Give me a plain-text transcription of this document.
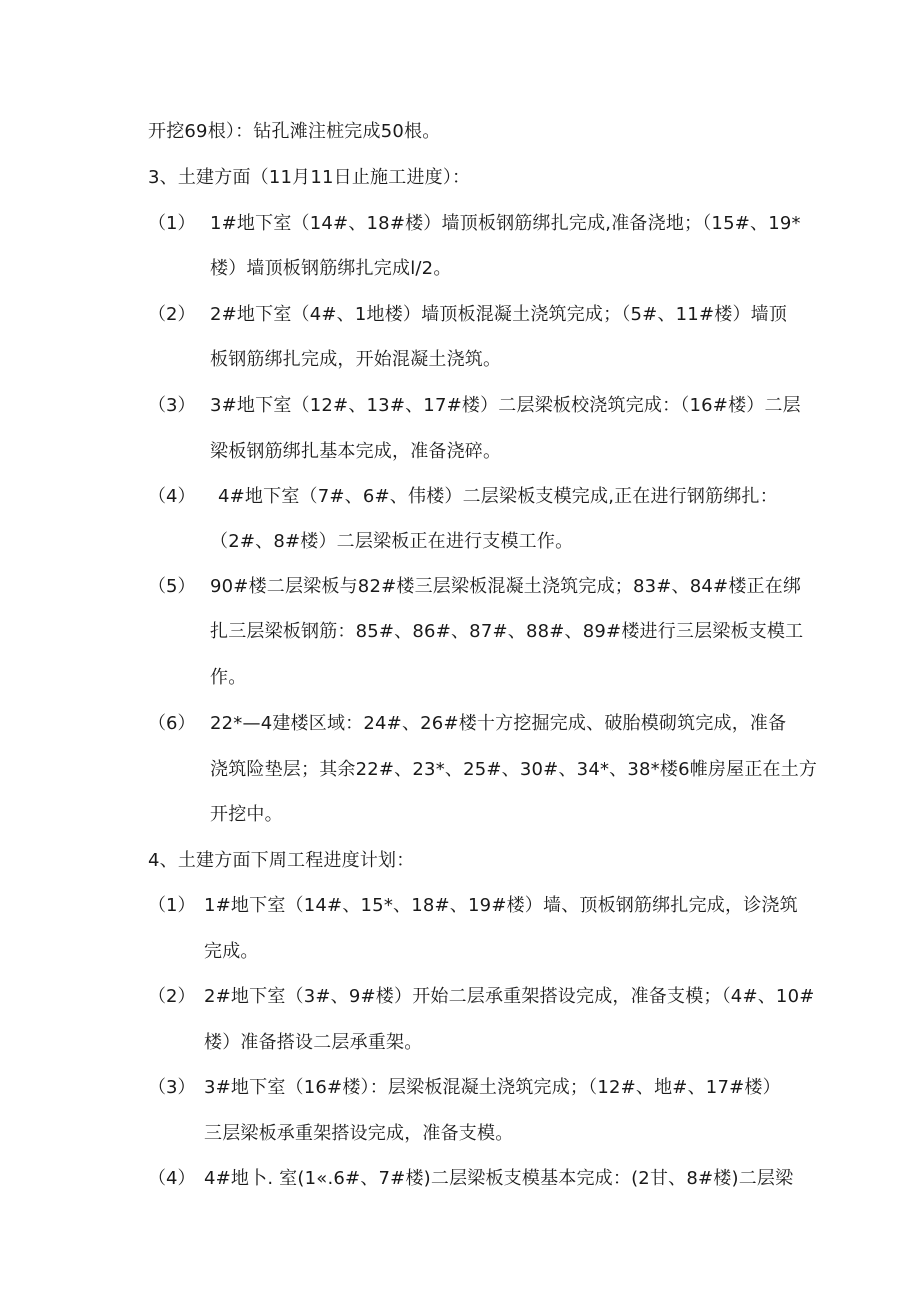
开挖69根）：钻孔滩注桩完成50根。
3、土建方面（11月11日止施工进度）：
（1） 1#地下室（14#、18#楼）墙顶板钢筋绑扎完成,准备浇地；（15#、19*
楼）墙顶板钢筋绑扎完成l/2。
（2） 2#地下室（4#、1地楼）墙顶板混凝土浇筑完成；（5#、11#楼）墙顶
板钢筋绑扎完成，开始混凝土浇筑。
（3） 3#地下室（12#、13#、17#楼）二层梁板校浇筑完成：（16#楼）二层
梁板钢筋绑扎基本完成，准备浇碎。
（4） 4#地下室（7#、6#、伟楼）二层梁板支模完成,正在进行钢筋绑扎：
（2#、8#楼）二层梁板正在进行支模工作。
（5） 90#楼二层梁板与82#楼三层梁板混凝土浇筑完成；83#、84#楼正在绑
扎三层梁板钢筋：85#、86#、87#、88#、89#楼进行三层梁板支模工
作。
（6） 22*—4建楼区域：24#、26#楼十方挖掘完成、破胎模砌筑完成，准备
浇筑险垫层；其余22#、23*、25#、30#、34*、38*楼6帷房屋正在土方
开挖中。
4、土建方面下周工程进度计划：
（1） 1#地下室（14#、15*、18#、19#楼）墙、顶板钢筋绑扎完成，诊浇筑
完成。
（2） 2#地下室（3#、9#楼）开始二层承重架搭设完成，准备支模；（4#、10#
楼）准备搭设二层承重架。
（3） 3#地下室（16#楼）：层梁板混凝土浇筑完成；（12#、地#、17#楼）
三层梁板承重架搭设完成，准备支模。
（4） 4#地卜. 室(1«.6#、7#楼)二层梁板支模基本完成：(2甘、8#楼)二层梁
